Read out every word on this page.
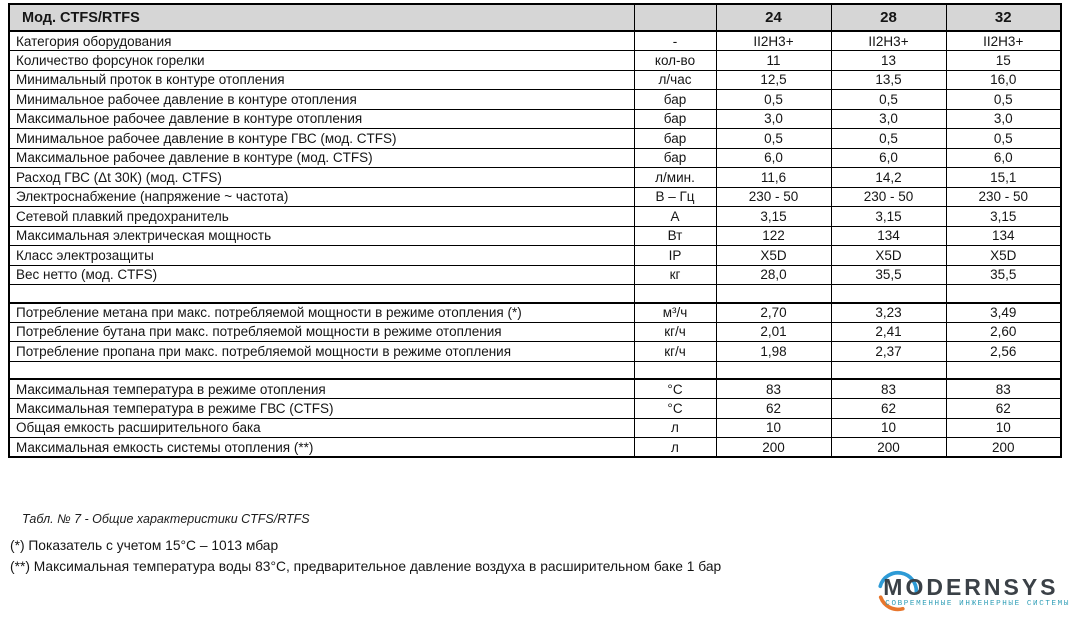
Мод. CTFS/RTFS		24	28	32
Категория оборудования	-	II2H3+	II2H3+	II2H3+
Количество форсунок горелки	кол-во	11	13	15
Минимальный проток в контуре отопления	л/час	12,5	13,5	16,0
Минимальное рабочее давление в контуре отопления	бар	0,5	0,5	0,5
Максимальное рабочее давление в контуре отопления	бар	3,0	3,0	3,0
Минимальное рабочее давление в контуре ГВС (мод. CTFS)	бар	0,5	0,5	0,5
Максимальное рабочее давление в контуре (мод. CTFS)	бар	6,0	6,0	6,0
Расход ГВС (Δt 30К) (мод. CTFS)	л/мин.	11,6	14,2	15,1
Электроснабжение (напряжение ~ частота)	В – Гц	230 - 50	230 - 50	230 - 50
Сетевой плавкий предохранитель	А	3,15	3,15	3,15
Максимальная электрическая мощность	Вт	122	134	134
Класс электрозащиты	IP	X5D	X5D	X5D
Вес нетто (мод. CTFS)	кг	28,0	35,5	35,5

Потребление метана при макс. потребляемой мощности в режиме отопления (*)	м³/ч	2,70	3,23	3,49
Потребление бутана при макс. потребляемой мощности в режиме отопления	кг/ч	2,01	2,41	2,60
Потребление пропана при макс. потребляемой мощности в режиме отопления	кг/ч	1,98	2,37	2,56

Максимальная температура в режиме отопления	°С	83	83	83
Максимальная температура в режиме ГВС (CTFS)	°С	62	62	62
Общая емкость расширительного бака	л	10	10	10
Максимальная емкость системы отопления (**)	л	200	200	200
Табл. № 7 - Общие характеристики CTFS/RTFS
(*) Показатель с учетом 15°С – 1013 мбар
(**) Максимальная температура воды 83°С, предварительное давление воздуха в расширительном баке 1 бар
MODERNSYS
СОВРЕМЕННЫЕ ИНЖЕНЕРНЫЕ СИСТЕМЫ
